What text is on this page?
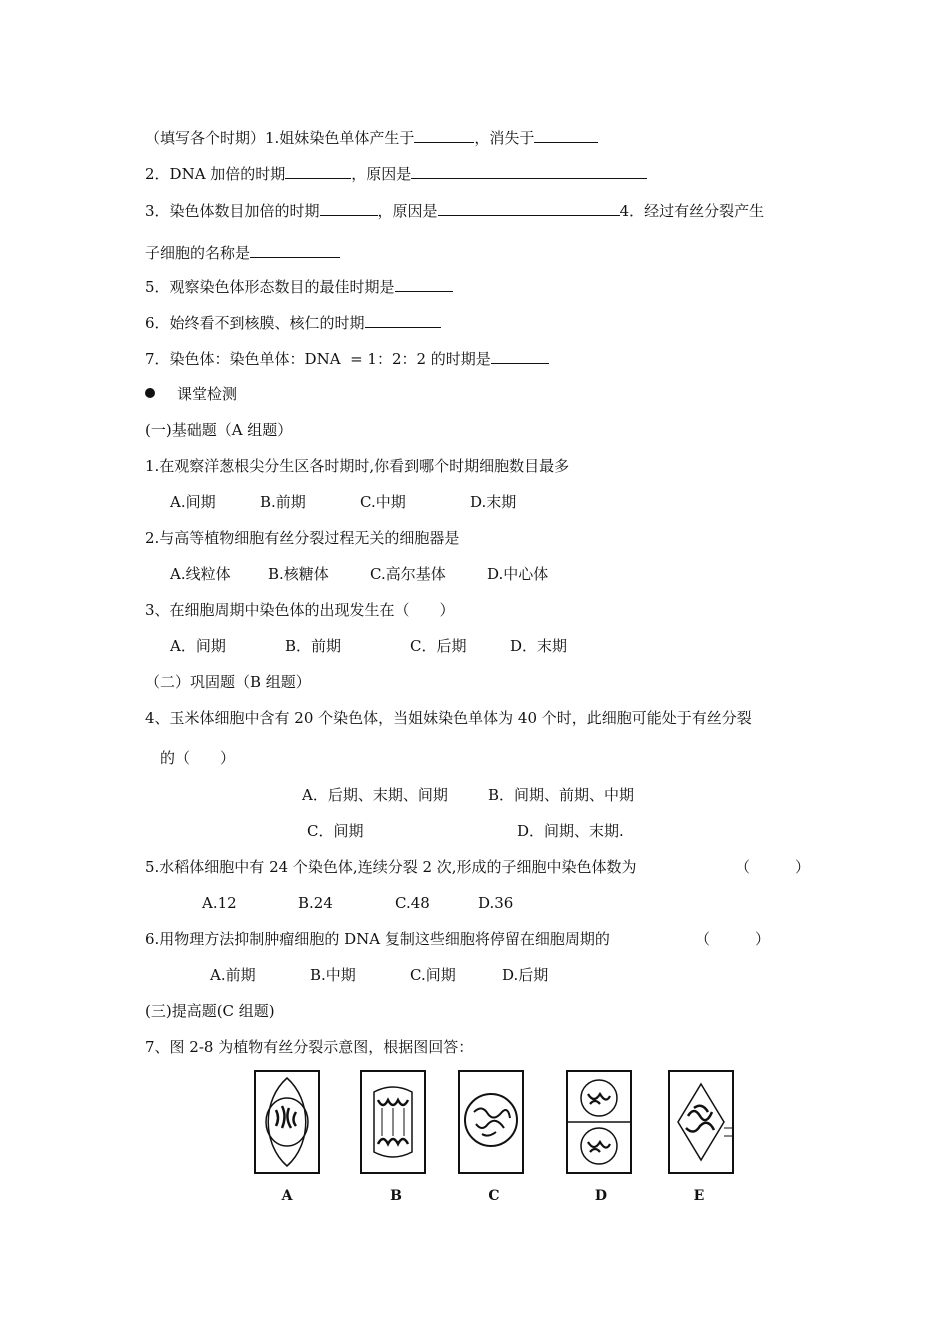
（填写各个时期）1.姐妹染色单体产生于	，消失于
2．DNA 加倍的时期	，原因是
3．染色体数目加倍的时期	，原因是	4．经过有丝分裂产生
子细胞的名称是
5．观察染色体形态数目的最佳时期是
6．始终看不到核膜、核仁的时期
7．染色体：染色单体：DNA  = 1：2：2 的时期是
课堂检测
(一)基础题（A 组题）
1.在观察洋葱根尖分生区各时期时,你看到哪个时期细胞数目最多
A.间期	B.前期	C.中期	D.末期
2.与高等植物细胞有丝分裂过程无关的细胞器是
A.线粒体 B.核糖体	C.高尔基体	D.中心体
3、在细胞周期中染色体的出现发生在（　　）
A．间期	B．前期	C．后期	D．末期
（二）巩固题（B 组题）
4、玉米体细胞中含有 20 个染色体，当姐妹染色单体为 40 个时，此细胞可能处于有丝分裂
的（　　）
A．后期、末期、间期	B．间期、前期、中期
C．间期	D．间期、末期.
5.水稻体细胞中有 24 个染色体,连续分裂 2 次,形成的子细胞中染色体数为	（　　　）
A.12	B.24	C.48	D.36
6.用物理方法抑制肿瘤细胞的 DNA 复制这些细胞将停留在细胞周期的	（　　　）
A.前期	B.中期	C.间期	D.后期
(三)提高题(C 组题)
7、图 2-8 为植物有丝分裂示意图，根据图回答：
A	B	C	D	E
